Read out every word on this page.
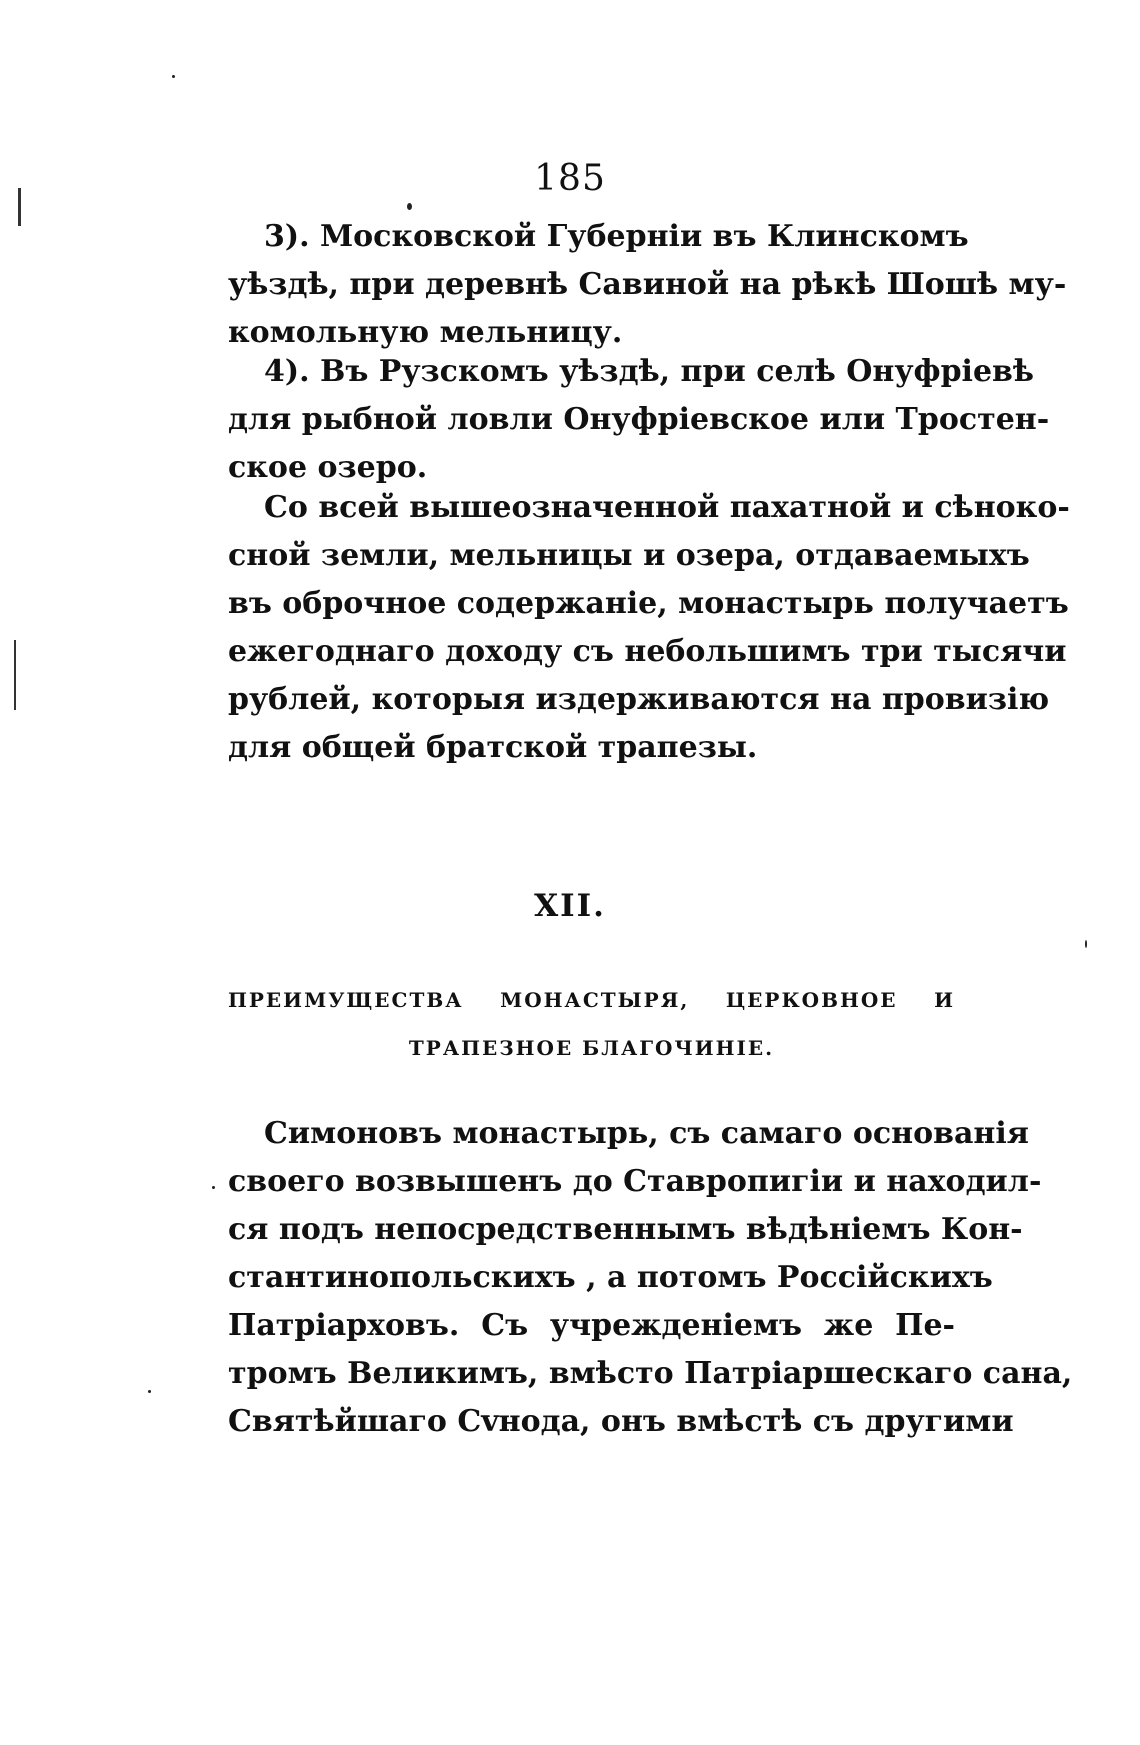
185
3). Московской Губерніи въ Клинскомъ
уѣздѣ, при деревнѣ Савиной на рѣкѣ Шошѣ му-
комольную мельницу.
4). Въ Рузскомъ уѣздѣ, при селѣ Онуфріевѣ
для рыбной ловли Онуфріевское или Тростен-
ское озеро.
Со всей вышеозначенной пахатной и сѣноко-
сной земли, мельницы и озера, отдаваемыхъ
въ оброчное содержаніе, монастырь получаетъ
ежегоднаго доходу съ небольшимъ три тысячи
рублей, которыя издерживаются на провизію
для общей братской трапезы.
XII.
ПРЕИМУЩЕСТВА МОНАСТЫРЯ, ЦЕРКОВНОЕ И
ТРАПЕЗНОЕ БЛАГОЧИНІЕ.
Симоновъ монастырь, съ самаго основанія
своего возвышенъ до Ставропигіи и находил-
ся подъ непосредственнымъ вѣдѣніемъ Кон-
стантинопольскихъ , а потомъ Россійскихъ
Патріарховъ. Съ учрежденіемъ же Пе-
тромъ Великимъ, вмѣсто Патріаршескаго сана,
Святѣйшаго Сvнода, онъ вмѣстѣ съ другими
